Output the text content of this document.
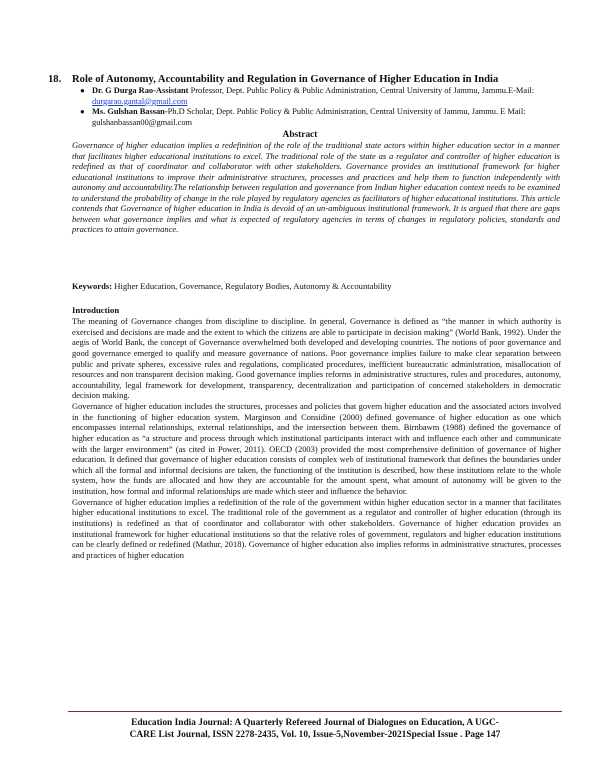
18. Role of Autonomy, Accountability and Regulation in Governance of Higher Education in India
● Dr. G Durga Rao-Assistant Professor, Dept. Public Policy & Public Administration, Central University of Jammu, Jammu.E-Mail: durgarao.gantal@gmail.com
● Ms. Gulshan Bassan-Ph.D Scholar, Dept. Public Policy & Public Administration, Central University of Jammu, Jammu. E Mail: gulshanbassan00@gmail.com
Abstract

Governance of higher education implies a redefinition of the role of the traditional state actors within higher education sector in a manner that facilitates higher educational institutions to excel. The traditional role of the state as a regulator and controller of higher education is redefined as that of coordinator and collaborator with other stakeholders. Governance provides an institutional framework for higher educational institutions to improve their administrative structures, processes and practices and help them to function independently with autonomy and accountability.The relationship between regulation and governance from Indian higher education context needs to be examined to understand the probability of change in the role played by regulatory agencies as facilitators of higher educational institutions. This article contends that Governance of higher education in India is devoid of an un-ambiguous institutional framework. It is argued that there are gaps between what governance implies and what is expected of regulatory agencies in terms of changes in regulatory policies, standards and practices to attain governance.

Keywords: Higher Education, Governance, Regulatory Bodies, Autonomy & Accountability

Introduction

The meaning of Governance changes from discipline to discipline. In general, Governance is defined as “the manner in which authority is exercised and decisions are made and the extent to which the citizens are able to participate in decision making” (World Bank, 1992). Under the aegis of World Bank, the concept of Governance overwhelmed both developed and developing countries. The notions of poor governance and good governance emerged to qualify and measure governance of nations. Poor governance implies failure to make clear separation between public and private spheres, excessive rules and regulations, complicated procedures, inefficient bureaucratic administration, misallocation of resources and non transparent decision making. Good governance implies reforms in administrative structures, rules and procedures, autonomy, accountability, legal framework for development, transparency, decentralization and participation of concerned stakeholders in democratic decision making.

Governance of higher education includes the structures, processes and policies that govern higher education and the associated actors involved in the functioning of higher education system. Marginson and Considine (2000) defined governance of higher education as one which encompasses internal relationships, external relationships, and the intersection between them. Birnbawm (1988) defined the governance of higher education as “a structure and process through which institutional participants interact with and influence each other and communicate with the larger environment” (as cited in Power, 2011). OECD (2003) provided the most comprehensive definition of governance of higher education. It defined that governance of higher education consists of complex web of institutional framework that defines the boundaries under which all the formal and informal decisions are taken, the functioning of the institution is described, how these institutions relate to the whole system, how the funds are allocated and how they are accountable for the amount spent, what amount of autonomy will be given to the institution, how formal and informal relationships are made which steer and influence the behavior.

Governance of higher education implies a redefinition of the role of the government within higher education sector in a manner that facilitates higher educational institutions to excel. The traditional role of the government as a regulator and controller of higher education (through its institutions) is redefined as that of coordinator and collaborator with other stakeholders. Governance of higher education provides an institutional framework for higher educational institutions so that the relative roles of government, regulators and higher education institutions can be clearly defined or redefined (Mathur, 2018). Governance of higher education also implies reforms in administrative structures, processes and practices of higher education

Education India Journal: A Quarterly Refereed Journal of Dialogues on Education, A UGC-
CARE List Journal, ISSN 2278-2435, Vol. 10, Issue-5,November-2021Special Issue . Page 147
